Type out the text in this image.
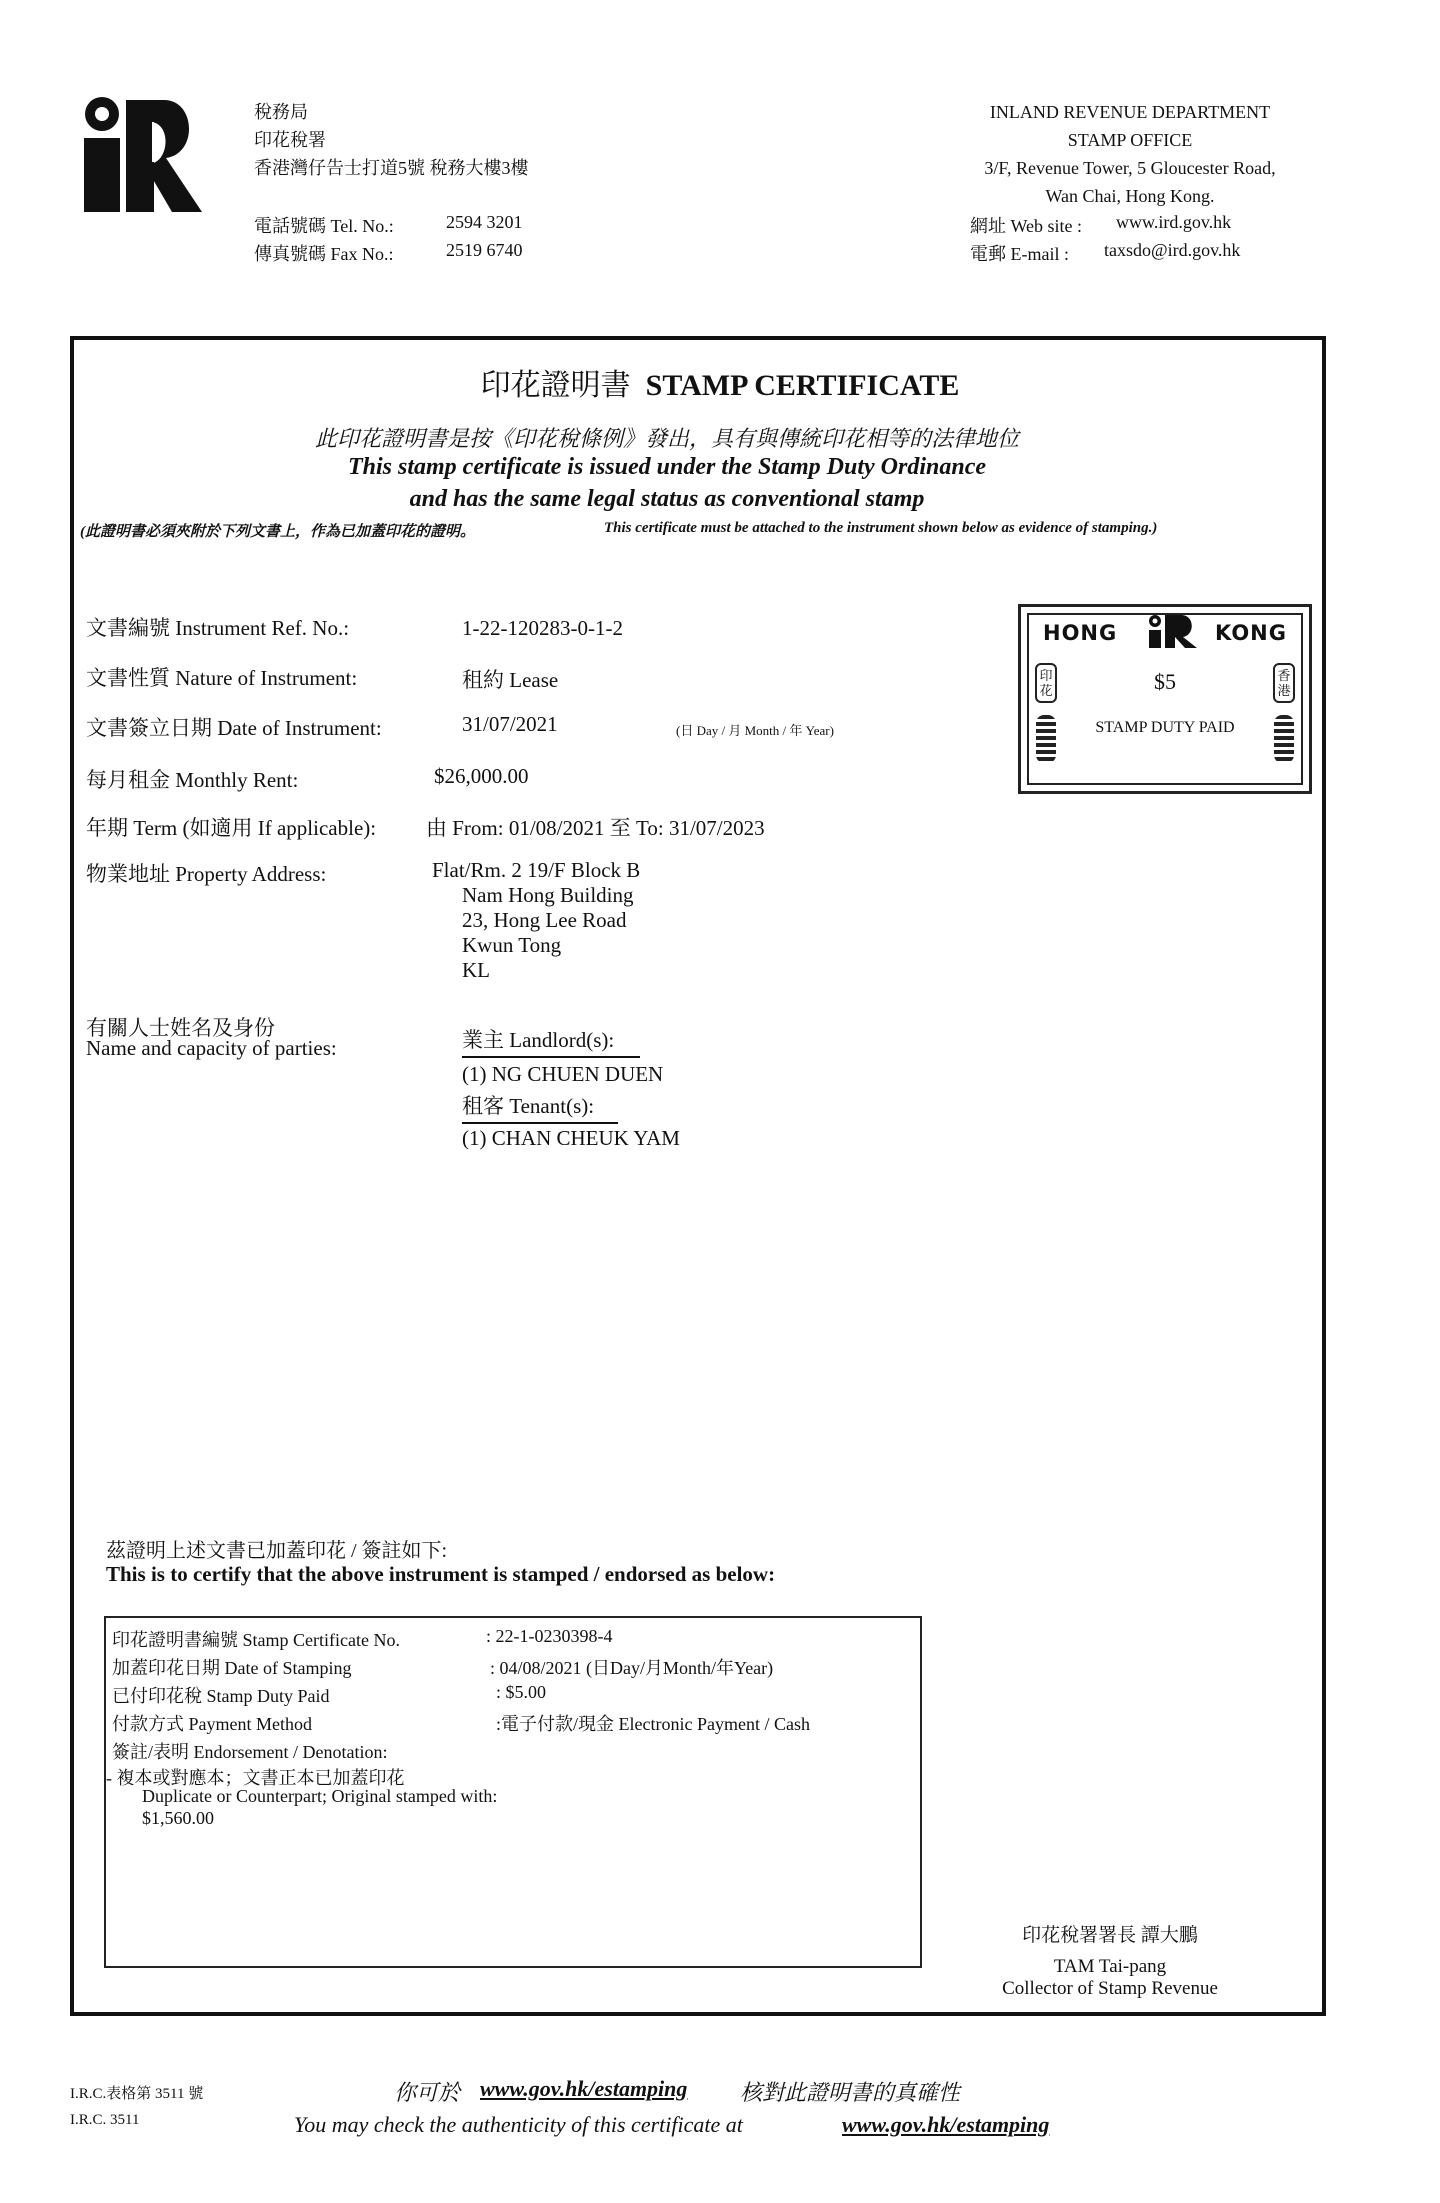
稅務局
印花稅署
香港灣仔告士打道5號 稅務大樓3樓
電話號碼 Tel. No.:	2594 3201
傳真號碼 Fax No.:	2519 6740
INLAND REVENUE DEPARTMENT
STAMP OFFICE
3/F, Revenue Tower, 5 Gloucester Road,
Wan Chai, Hong Kong.
網址 Web site : www.ird.gov.hk
電郵 E-mail : taxsdo@ird.gov.hk
印花證明書 STAMP CERTIFICATE
此印花證明書是按《印花稅條例》發出，具有與傳統印花相等的法律地位
This stamp certificate is issued under the Stamp Duty Ordinance
and has the same legal status as conventional stamp
(此證明書必須夾附於下列文書上，作為已加蓋印花的證明。	This certificate must be attached to the instrument shown below as evidence of stamping.)
文書編號 Instrument Ref. No.:	1-22-120283-0-1-2
文書性質 Nature of Instrument:	租約 Lease
文書簽立日期 Date of Instrument:	31/07/2021	(日 Day / 月 Month / 年 Year)
每月租金 Monthly Rent:	$26,000.00
年期 Term (如適用 If applicable): 由 From: 01/08/2021 至 To: 31/07/2023
物業地址 Property Address:	Flat/Rm. 2 19/F Block B
Nam Hong Building
23, Hong Lee Road
Kwun Tong
KL
有關人士姓名及身份
Name and capacity of parties:	業主 Landlord(s):
(1) NG CHUEN DUEN
租客 Tenant(s):
(1) CHAN CHEUK YAM
HONG	KONG
印花
香港
$5
STAMP DUTY PAID
茲證明上述文書已加蓋印花 / 簽註如下:
This is to certify that the above instrument is stamped / endorsed as below:
印花證明書編號 Stamp Certificate No.	: 22-1-0230398-4
加蓋印花日期 Date of Stamping	: 04/08/2021 (日Day/月Month/年Year)
已付印花稅 Stamp Duty Paid	: $5.00
付款方式 Payment Method	:電子付款/現金 Electronic Payment / Cash
簽註/表明 Endorsement / Denotation:
- 複本或對應本；文書正本已加蓋印花
Duplicate or Counterpart; Original stamped with:
$1,560.00
印花稅署署長 譚大鵬
TAM Tai-pang
Collector of Stamp Revenue
I.R.C.表格第 3511 號
I.R.C. 3511
你可於 www.gov.hk/estamping 核對此證明書的真確性
You may check the authenticity of this certificate at	www.gov.hk/estamping
